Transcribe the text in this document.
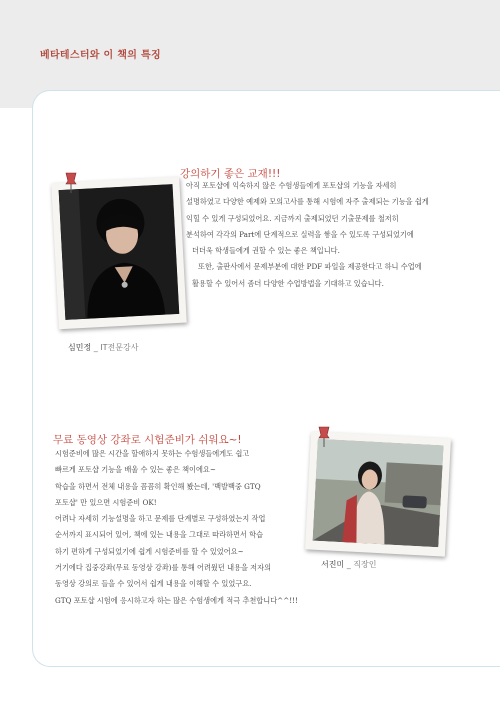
베타테스터와 이 책의 특징
심민정 _ IT전문강사
강의하기 좋은 교재!!!

아직 포토샵에 익숙하지 않은 수험생들에게 포토샵의 기능을 자세히

설명하였고 다양한 예제와 모의고사를 통해 시험에 자주 출제되는 기능을 쉽게

익힐 수 있게 구성되었어요. 지금까지 출제되었던 기출문제를 철저히

분석하여 각각의 Part에 단계적으로 실력을 쌓을 수 있도록 구성되었기에

더더욱 학생들에게 권할 수 있는 좋은 책입니다.

또한, 출판사에서 문제부분에 대한 PDF 파일을 제공한다고 하니 수업에

활용할 수 있어서 좀더 다양한 수업방법을 기대하고 있습니다.

무료 동영상 강좌로 시험준비가 쉬워요~!

시험준비에 많은 시간을 할애하지 못하는 수험생들에게도 쉽고

빠르게 포토샵 기능을 배울 수 있는 좋은 책이에요~

학습을 하면서 전체 내용을 꼼꼼히 확인해 봤는데, '백발백중 GTQ

포토샵' 만 있으면 시험준비 OK!

어려나 자세히 기능설명을 하고 문제를 단계별로 구성하였는지 작업

순서까지 표시되어 있어, 책에 있는 내용을 그대로 따라하면서 학습

하기 편하게 구성되었기에 쉽게 시험준비를 할 수 있었어요~

거기에다 집중강좌(무료 동영상 강좌)를 통해 어려웠던 내용을 저자의

동영상 강의로 들을 수 있어서 쉽게 내용을 이해할 수 있었구요.

GTQ 포토샵 시험에 응시하고자 하는 많은 수험생에게 적극 추천합니다^^!!!

서진미 _ 직장인
